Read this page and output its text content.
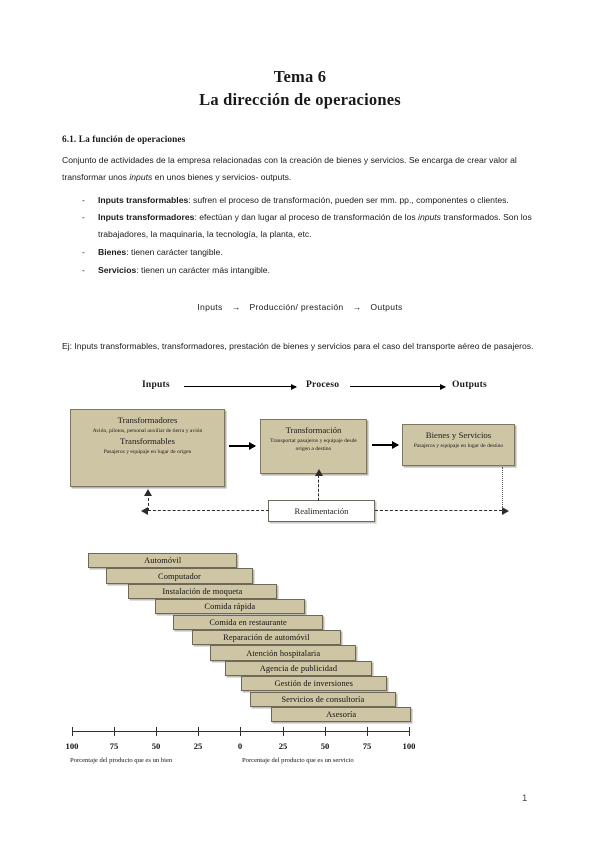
Tema 6
La dirección de operaciones
6.1. La función de operaciones

Conjunto de actividades de la empresa relacionadas con la creación de bienes y servicios. Se encarga de crear valor al transformar unos inputs en unos bienes y servicios- outputs.

- Inputs transformables: sufren el proceso de transformación, pueden ser mm. pp., componentes o clientes.
- Inputs transformadores: efectúan y dan lugar al proceso de transformación de los inputs transformados. Son los trabajadores, la maquinaria, la tecnología, la planta, etc.
- Bienes: tienen carácter tangible.
- Servicios: tienen un carácter más intangible.
Inputs → Producción/ prestación → Outputs

Ej: Inputs transformables, transformadores, prestación de bienes y servicios para el caso del transporte aéreo de pasajeros.

Inputs	Proceso	Outputs
Transformadores
Avión, pilotos, personal auxiliar de tierra y avión
Transformables
Pasajeros y equipaje en lugar de origen
Transformación
Transportar pasajeros y equipaje desde origen a destino
Bienes y Servicios
Pasajeros y equipaje en lugar de destino
Realimentación
Automóvil
Computador
Instalación de moqueta
Comida rápida
Comida en restaurante
Reparación de automóvil
Atención hospitalaria
Agencia de publicidad
Gestión de inversiones
Servicios de consultoría
Asesoría
100	75	50	25	0	25	50	75	100
Porcentaje del producto que es un bien	Porcentaje del producto que es un servicio
1
